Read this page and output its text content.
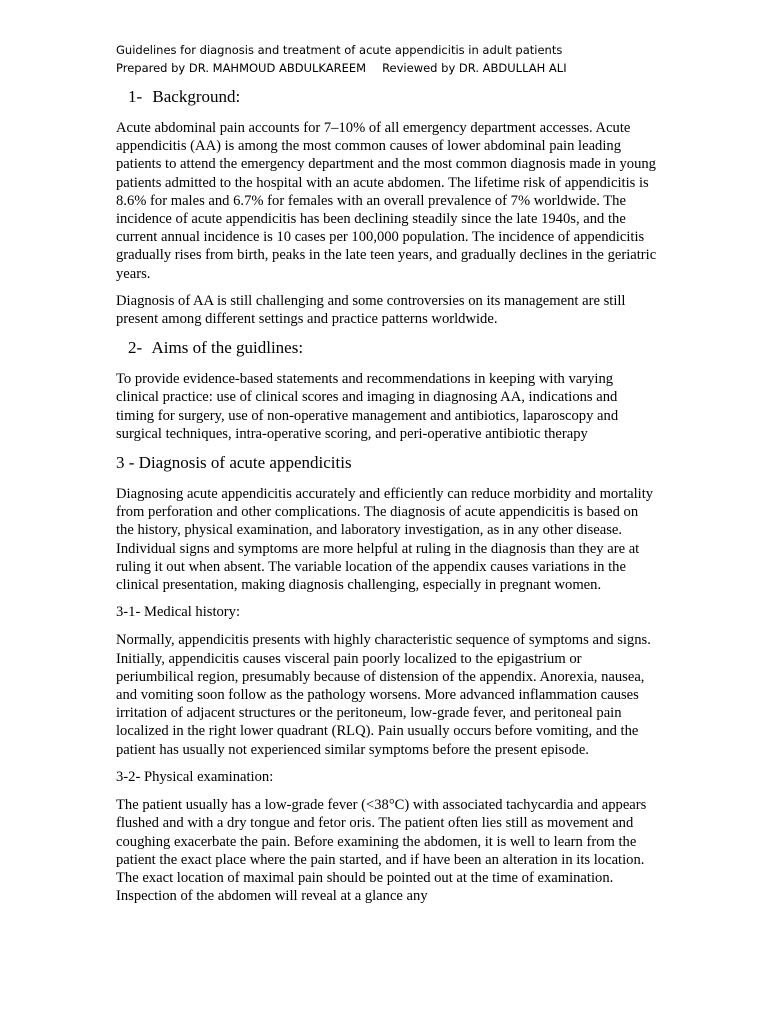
Guidelines for diagnosis and treatment of acute appendicitis in adult patients
Prepared by DR. MAHMOUD ABDULKAREEM Reviewed by DR. ABDULLAH ALI
1- Background:

Acute abdominal pain accounts for 7–10% of all emergency department accesses. Acute appendicitis (AA) is among the most common causes of lower abdominal pain leading patients to attend the emergency department and the most common diagnosis made in young patients admitted to the hospital with an acute abdomen. The lifetime risk of appendicitis is 8.6% for males and 6.7% for females with an overall prevalence of 7% worldwide. The incidence of acute appendicitis has been declining steadily since the late 1940s, and the current annual incidence is 10 cases per 100,000 population. The incidence of appendicitis gradually rises from birth, peaks in the late teen years, and gradually declines in the geriatric years.

Diagnosis of AA is still challenging and some controversies on its management are still present among different settings and practice patterns worldwide.

2- Aims of the guidlines:

To provide evidence-based statements and recommendations in keeping with varying clinical practice: use of clinical scores and imaging in diagnosing AA, indications and timing for surgery, use of non-operative management and antibiotics, laparoscopy and surgical techniques, intra-operative scoring, and peri-operative antibiotic therapy

3 - Diagnosis of acute appendicitis

Diagnosing acute appendicitis accurately and efficiently can reduce morbidity and mortality from perforation and other complications. The diagnosis of acute appendicitis is based on the history, physical examination, and laboratory investigation, as in any other disease. Individual signs and symptoms are more helpful at ruling in the diagnosis than they are at ruling it out when absent. The variable location of the appendix causes variations in the clinical presentation, making diagnosis challenging, especially in pregnant women.

3-1- Medical history:

Normally, appendicitis presents with highly characteristic sequence of symptoms and signs. Initially, appendicitis causes visceral pain poorly localized to the epigastrium or periumbilical region, presumably because of distension of the appendix. Anorexia, nausea, and vomiting soon follow as the pathology worsens. More advanced inflammation causes irritation of adjacent structures or the peritoneum, low-grade fever, and peritoneal pain localized in the right lower quadrant (RLQ). Pain usually occurs before vomiting, and the patient has usually not experienced similar symptoms before the present episode.

3-2- Physical examination:

The patient usually has a low-grade fever (<38°C) with associated tachycardia and appears flushed and with a dry tongue and fetor oris. The patient often lies still as movement and coughing exacerbate the pain. Before examining the abdomen, it is well to learn from the patient the exact place where the pain started, and if have been an alteration in its location. The exact location of maximal pain should be pointed out at the time of examination. Inspection of the abdomen will reveal at a glance any
